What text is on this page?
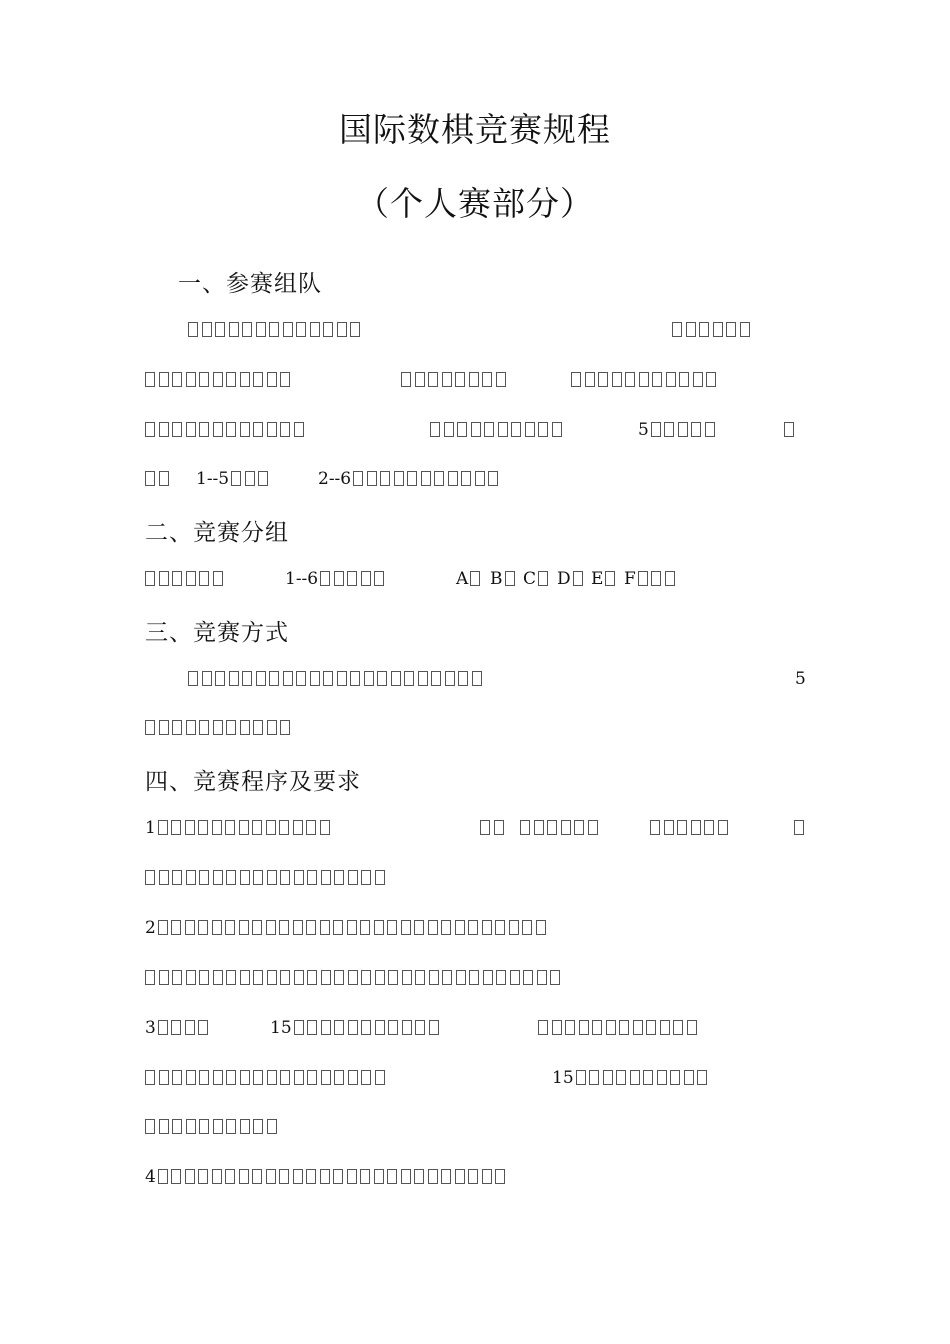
国际数棋竞赛规程
（个人赛部分）
一、参赛组队
5
1--5	2--6
二、竞赛分组
1--6	A	B	C	D	E	F
三、竞赛方式
5
四、竞赛程序及要求
1
2
3	15
15
4
